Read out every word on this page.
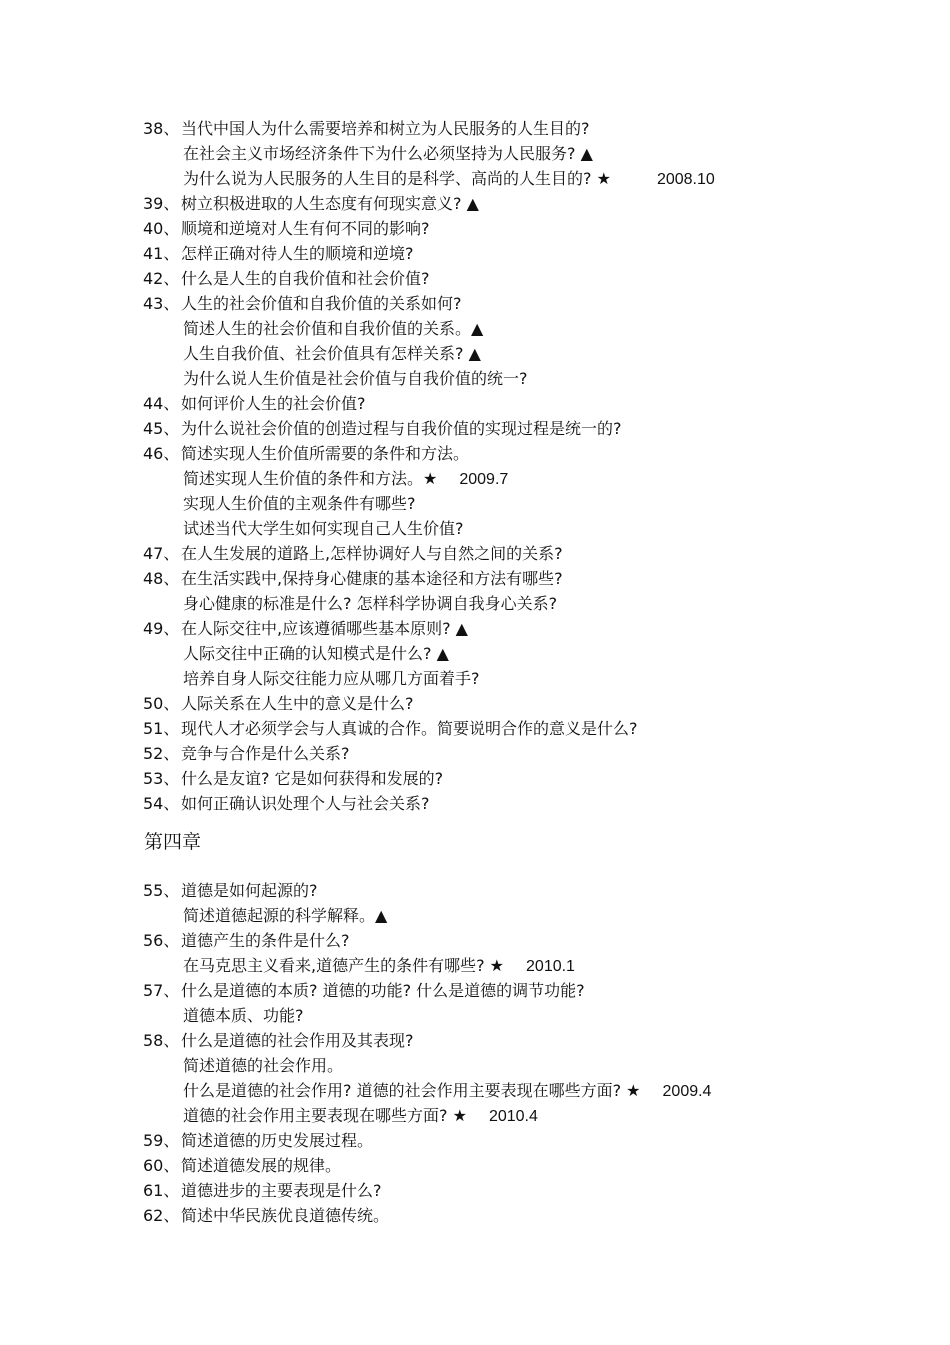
38、 当代中国人为什么需要培养和树立为人民服务的人生目的?
在社会主义市场经济条件下为什么必须坚持为人民服务? ▲
为什么说为人民服务的人生目的是科学、高尚的人生目的? ★	2008.10
39、 树立积极进取的人生态度有何现实意义? ▲
40、 顺境和逆境对人生有何不同的影响?
41、 怎样正确对待人生的顺境和逆境?
42、 什么是人生的自我价值和社会价值?
43、 人生的社会价值和自我价值的关系如何?
简述人生的社会价值和自我价值的关系。▲
人生自我价值、社会价值具有怎样关系? ▲
为什么说人生价值是社会价值与自我价值的统一?
44、 如何评价人生的社会价值?
45、 为什么说社会价值的创造过程与自我价值的实现过程是统一的?
46、 简述实现人生价值所需要的条件和方法。
简述实现人生价值的条件和方法。★ 2009.7
实现人生价值的主观条件有哪些?
试述当代大学生如何实现自己人生价值?
47、 在人生发展的道路上,怎样协调好人与自然之间的关系?
48、 在生活实践中,保持身心健康的基本途径和方法有哪些?
身心健康的标准是什么? 怎样科学协调自我身心关系?
49、 在人际交往中,应该遵循哪些基本原则? ▲
人际交往中正确的认知模式是什么? ▲
培养自身人际交往能力应从哪几方面着手?
50、 人际关系在人生中的意义是什么?
51、 现代人才必须学会与人真诚的合作。简要说明合作的意义是什么?
52、 竞争与合作是什么关系?
53、 什么是友谊? 它是如何获得和发展的?
54、 如何正确认识处理个人与社会关系?
第四章
55、 道德是如何起源的?
简述道德起源的科学解释。▲
56、 道德产生的条件是什么?
在马克思主义看来,道德产生的条件有哪些? ★ 2010.1
57、 什么是道德的本质? 道德的功能? 什么是道德的调节功能?
道德本质、功能?
58、 什么是道德的社会作用及其表现?
简述道德的社会作用。
什么是道德的社会作用? 道德的社会作用主要表现在哪些方面? ★ 2009.4
道德的社会作用主要表现在哪些方面? ★ 2010.4
59、 简述道德的历史发展过程。
60、 简述道德发展的规律。
61、 道德进步的主要表现是什么?
62、 简述中华民族优良道德传统。
